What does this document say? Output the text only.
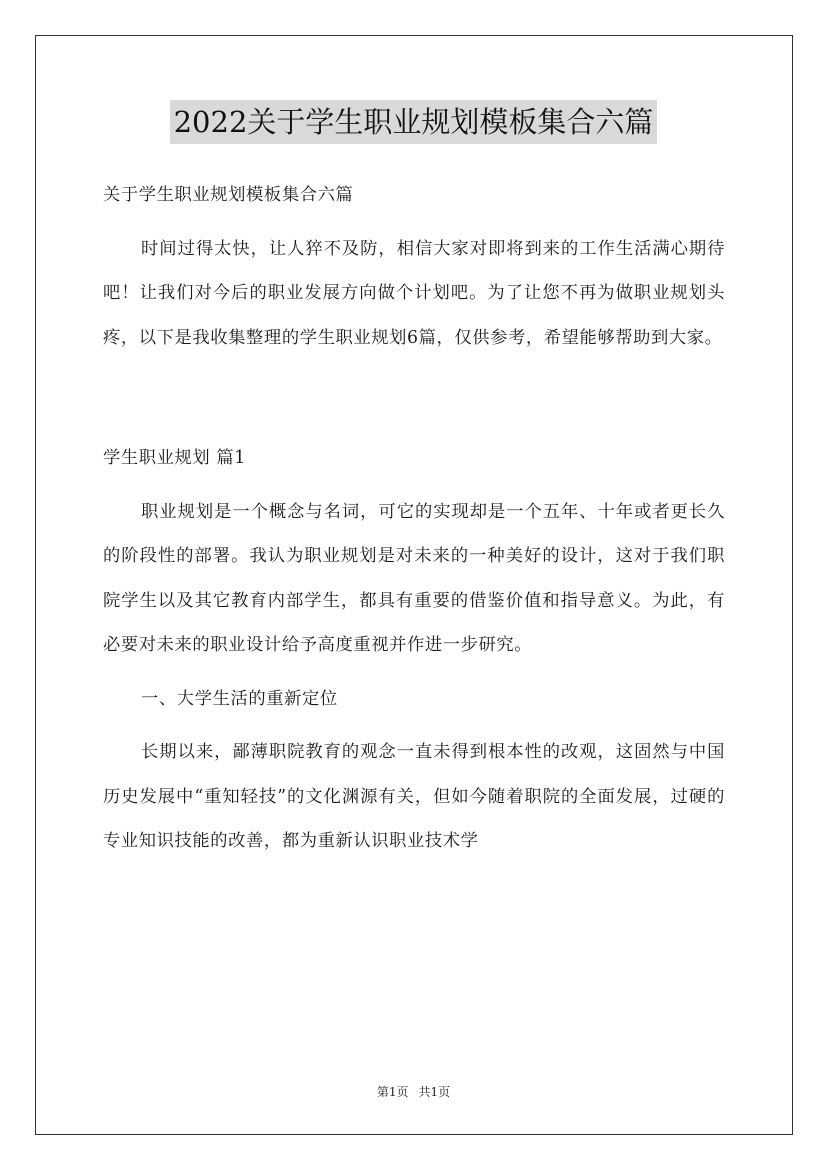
2022关于学生职业规划模板集合六篇

关于学生职业规划模板集合六篇

时间过得太快，让人猝不及防，相信大家对即将到来的工作生活满心期待吧！让我们对今后的职业发展方向做个计划吧。为了让您不再为做职业规划头疼，以下是我收集整理的学生职业规划6篇，仅供参考，希望能够帮助到大家。

学生职业规划 篇1

职业规划是一个概念与名词，可它的实现却是一个五年、十年或者更长久的阶段性的部署。我认为职业规划是对未来的一种美好的设计，这对于我们职院学生以及其它教育内部学生，都具有重要的借鉴价值和指导意义。为此，有必要对未来的职业设计给予高度重视并作进一步研究。

一、大学生活的重新定位

长期以来，鄙薄职院教育的观念一直未得到根本性的改观，这固然与中国历史发展中“重知轻技”的文化渊源有关，但如今随着职院的全面发展，过硬的专业知识技能的改善，都为重新认识职业技术学

第1页 共1页
